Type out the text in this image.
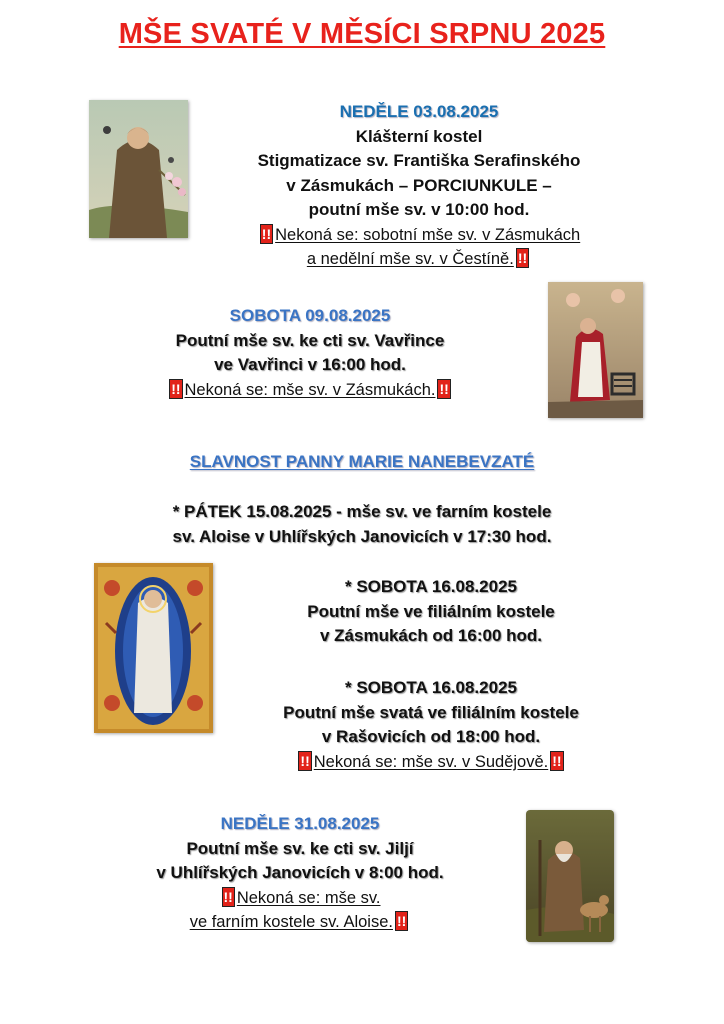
MŠE SVATÉ V MĚSÍCI SRPNU 2025
NEDĚLE 03.08.2025
Klášterní kostel
Stigmatizace sv. Františka Serafinského
v Zásmukách – PORCIUNKULE –
poutní mše sv. v 10:00 hod.
!! Nekoná se: sobotní mše sv. v Zásmukách
a nedělní mše sv. v Čestíně. !!
SOBOTA 09.08.2025
Poutní mše sv. ke cti sv. Vavřince
ve Vavřinci v 16:00 hod.
!! Nekoná se: mše sv. v Zásmukách. !!
SLAVNOST PANNY MARIE NANEBEVZATÉ
* PÁTEK 15.08.2025 - mše sv. ve farním kostele
sv. Aloise v Uhlířských Janovicích v 17:30 hod.
* SOBOTA 16.08.2025
Poutní mše ve filiálním kostele
v Zásmukách od 16:00 hod.
* SOBOTA 16.08.2025
Poutní mše svatá ve filiálním kostele
v Rašovicích od 18:00 hod.
!! Nekoná se: mše sv. v Sudějově. !!
NEDĚLE 31.08.2025
Poutní mše sv. ke cti sv. Jiljí
v Uhlířských Janovicích v 8:00 hod.
!! Nekoná se: mše sv.
ve farním kostele sv. Aloise. !!
